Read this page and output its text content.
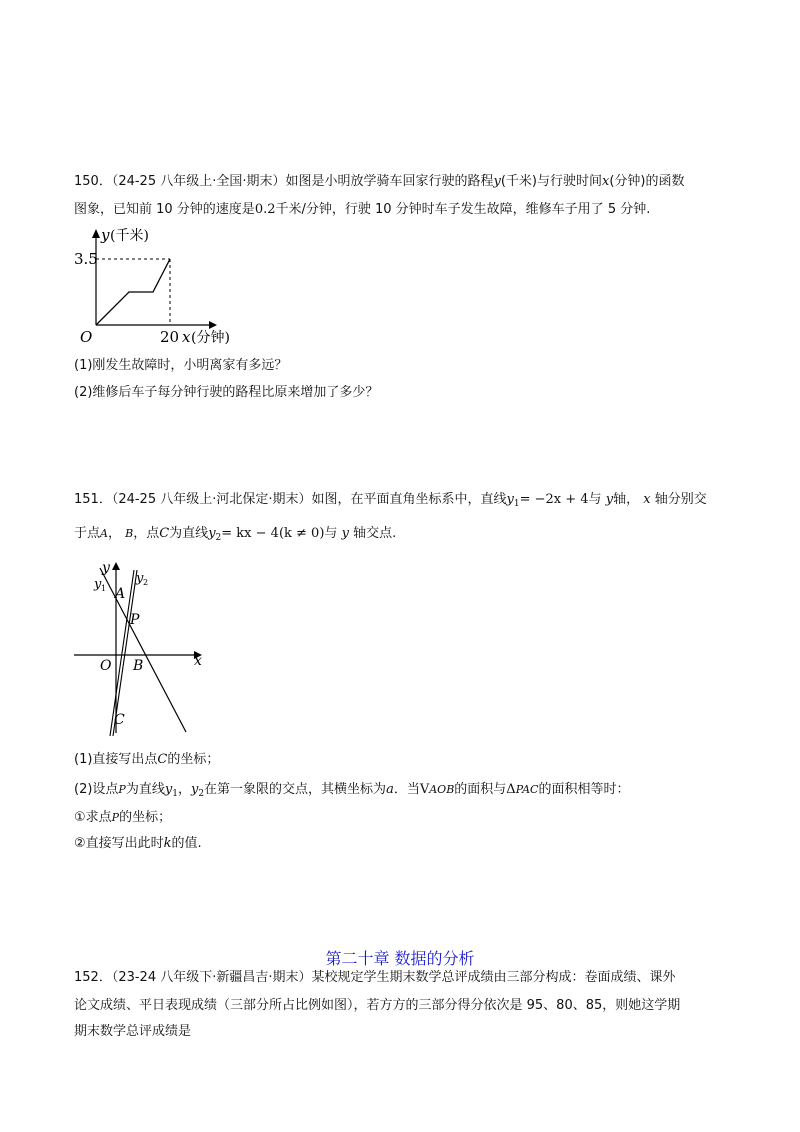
150．（24-25 八年级上·全国·期末）如图是小明放学骑车回家行驶的路程y(千米)与行驶时间x(分钟)的函数
图象，已知前 10 分钟的速度是0.2千米/分钟，行驶 10 分钟时车子发生故障，维修车子用了 5 分钟.
y (千米)
3.5
O	20 x (分钟)
(1)刚发生故障时，小明离家有多远？
(2)维修后车子每分钟行驶的路程比原来增加了多少？
151．（24-25 八年级上·河北保定·期末）如图，在平面直角坐标系中，直线$y_1= -2x + 4$与 y轴， x 轴分别交
于点A， B，点C为直线$y_2=$ kx − 4(k ≠ 0)与 y 轴交点.
y
y 1
y 2
A
P
O B	x
C
(1)直接写出点C的坐标；
(2)设点P为直线$y_1$，$y_2$在第一象限的交点，其横坐标为a．当VAOB的面积与ΔPAC的面积相等时：
①求点P的坐标；
②直接写出此时k的值.
第二十章 数据的分析
152．（23-24 八年级下·新疆昌吉·期末）某校规定学生期末数学总评成绩由三部分构成：卷面成绩、课外
论文成绩、平日表现成绩（三部分所占比例如图），若方方的三部分得分依次是 95、80、85，则她这学期
期末数学总评成绩是
